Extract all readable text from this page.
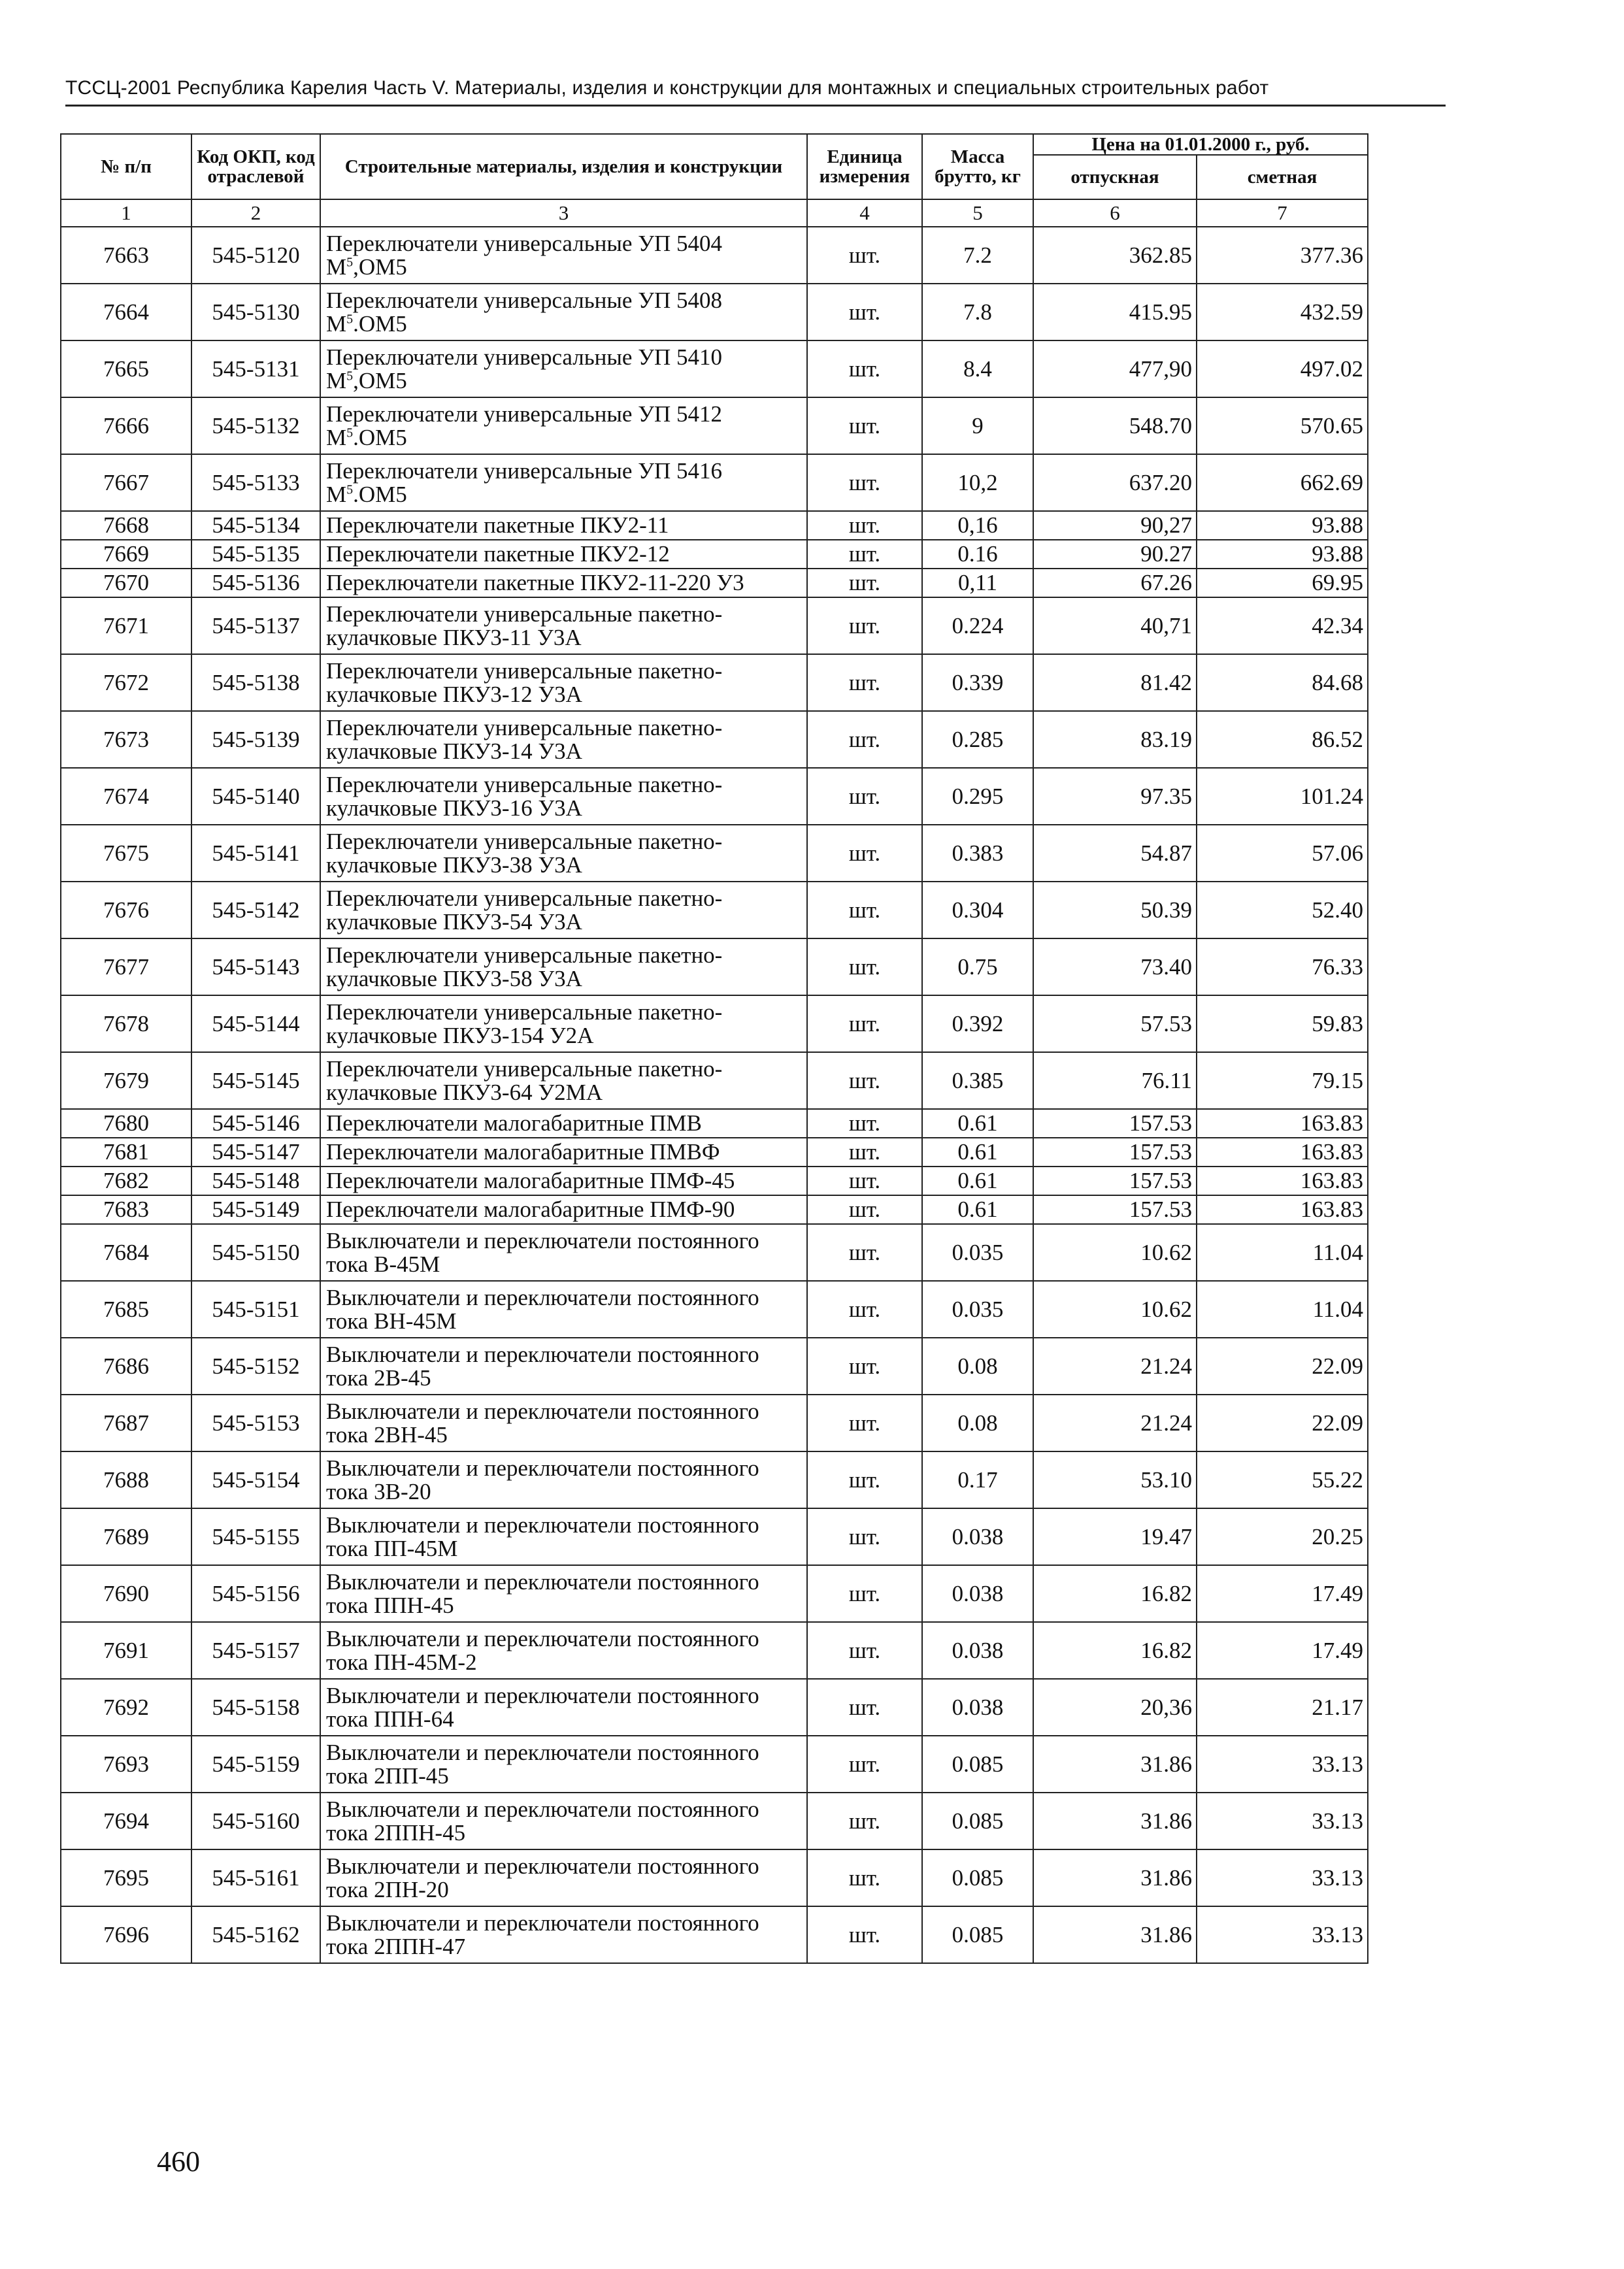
ТССЦ-2001 Республика Карелия Часть V. Материалы, изделия и конструкции для монтажных и специальных строительных работ
№ п/п	Код ОКП, код отраслевой	Строительные материалы, изделия и конструкции	Единица измерения	Масса брутто, кг	Цена на 01.01.2000 г., руб.	
					отпускная	сметная
1	2	3	4	5	6	7
7663	545-5120	Переключатели универсальные УП 5404 $М^5,ОМ5$	шт.	7.2	362.85	377.36
7664	545-5130	Переключатели универсальные УП 5408 $М^5.ОМ5$	шт.	7.8	415.95	432.59
7665	545-5131	Переключатели универсальные УП 5410 $М^5,ОМ5$	шт.	8.4	477,90	497.02
7666	545-5132	Переключатели универсальные УП 5412 $М^5.ОМ5$	шт.	9	548.70	570.65
7667	545-5133	Переключатели универсальные УП 5416 $М^5.ОМ5$	шт.	10,2	637.20	662.69
7668	545-5134	Переключатели пакетные ПКУ2-11	шт.	0,16	90,27	93.88
7669	545-5135	Переключатели пакетные ПКУ2-12	шт.	0.16	90.27	93.88
7670	545-5136	Переключатели пакетные ПКУ2-11-220 У3	шт.	0,11	67.26	69.95
7671	545-5137	Переключатели универсальные пакетно-кулачковые ПКУ3-11 У3А	шт.	0.224	40,71	42.34
7672	545-5138	Переключатели универсальные пакетно-кулачковые ПКУ3-12 У3А	шт.	0.339	81.42	84.68
7673	545-5139	Переключатели универсальные пакетно-кулачковые ПКУ3-14 У3А	шт.	0.285	83.19	86.52
7674	545-5140	Переключатели универсальные пакетно-кулачковые ПКУ3-16 У3А	шт.	0.295	97.35	101.24
7675	545-5141	Переключатели универсальные пакетно-кулачковые ПКУ3-38 У3А	шт.	0.383	54.87	57.06
7676	545-5142	Переключатели универсальные пакетно-кулачковые ПКУ3-54 У3А	шт.	0.304	50.39	52.40
7677	545-5143	Переключатели универсальные пакетно-кулачковые ПКУ3-58 У3А	шт.	0.75	73.40	76.33
7678	545-5144	Переключатели универсальные пакетно-кулачковые ПКУ3-154 У2А	шт.	0.392	57.53	59.83
7679	545-5145	Переключатели универсальные пакетно-кулачковые ПКУ3-64 У2МА	шт.	0.385	76.11	79.15
7680	545-5146	Переключатели малогабаритные ПМВ	шт.	0.61	157.53	163.83
7681	545-5147	Переключатели малогабаритные ПМВФ	шт.	0.61	157.53	163.83
7682	545-5148	Переключатели малогабаритные ПМФ-45	шт.	0.61	157.53	163.83
7683	545-5149	Переключатели малогабаритные ПМФ-90	шт.	0.61	157.53	163.83
7684	545-5150	Выключатели и переключатели постоянного тока В-45М	шт.	0.035	10.62	11.04
7685	545-5151	Выключатели и переключатели постоянного тока ВН-45М	шт.	0.035	10.62	11.04
7686	545-5152	Выключатели и переключатели постоянного тока 2В-45	шт.	0.08	21.24	22.09
7687	545-5153	Выключатели и переключатели постоянного тока 2ВН-45	шт.	0.08	21.24	22.09
7688	545-5154	Выключатели и переключатели постоянного тока 3В-20	шт.	0.17	53.10	55.22
7689	545-5155	Выключатели и переключатели постоянного тока ПП-45М	шт.	0.038	19.47	20.25
7690	545-5156	Выключатели и переключатели постоянного тока ППН-45	шт.	0.038	16.82	17.49
7691	545-5157	Выключатели и переключатели постоянного тока ПН-45М-2	шт.	0.038	16.82	17.49
7692	545-5158	Выключатели и переключатели постоянного тока ППН-64	шт.	0.038	20,36	21.17
7693	545-5159	Выключатели и переключатели постоянного тока 2ПП-45	шт.	0.085	31.86	33.13
7694	545-5160	Выключатели и переключатели постоянного тока 2ППН-45	шт.	0.085	31.86	33.13
7695	545-5161	Выключатели и переключатели постоянного тока 2ПН-20	шт.	0.085	31.86	33.13
7696	545-5162	Выключатели и переключатели постоянного тока 2ППН-47	шт.	0.085	31.86	33.13
460
